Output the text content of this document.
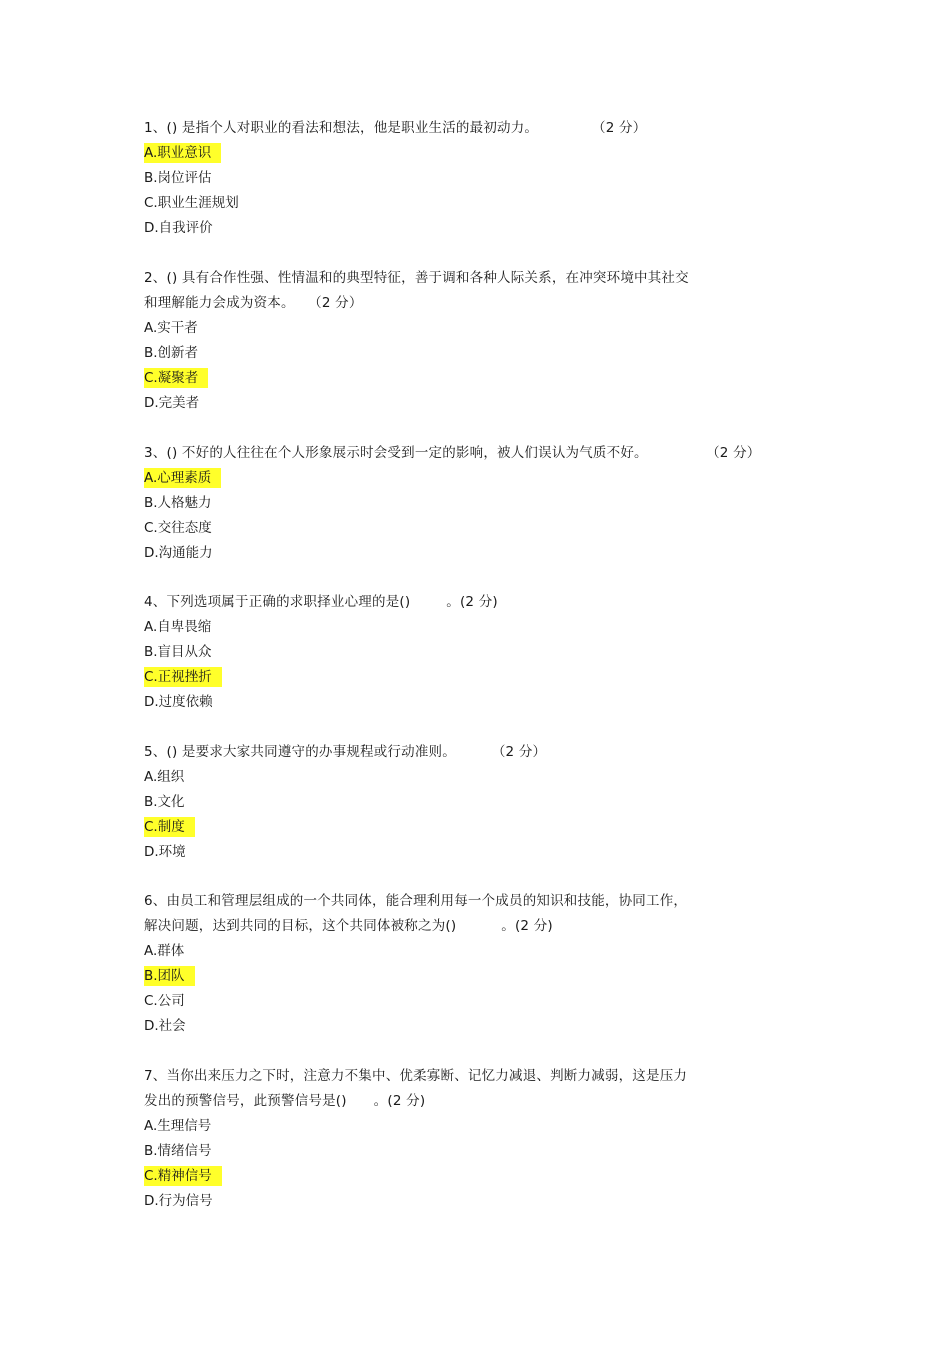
1、() 是指个人对职业的看法和想法，他是职业生活的最初动力。            （2 分）
A.职业意识
B.岗位评估
C.职业生涯规划
D.自我评价
2、() 具有合作性强、性情温和的典型特征，善于调和各种人际关系，在冲突环境中其社交
和理解能力会成为资本。   （2 分）
A.实干者
B.创新者
C.凝聚者
D.完美者
3、() 不好的人往往在个人形象展示时会受到一定的影响，被人们误认为气质不好。             （2 分）
A.心理素质
B.人格魅力
C.交往态度
D.沟通能力
4、下列选项属于正确的求职择业心理的是()        。(2 分)
A.自卑畏缩
B.盲目从众
C.正视挫折
D.过度依赖
5、() 是要求大家共同遵守的办事规程或行动准则。        （2 分）
A.组织
B.文化
C.制度
D.环境
6、由员工和管理层组成的一个共同体，能合理利用每一个成员的知识和技能，协同工作，
解决问题，达到共同的目标，这个共同体被称之为()          。(2 分)
A.群体
B.团队
C.公司
D.社会
7、当你出来压力之下时，注意力不集中、优柔寡断、记忆力减退、判断力减弱，这是压力
发出的预警信号，此预警信号是()      。(2 分)
A.生理信号
B.情绪信号
C.精神信号
D.行为信号
